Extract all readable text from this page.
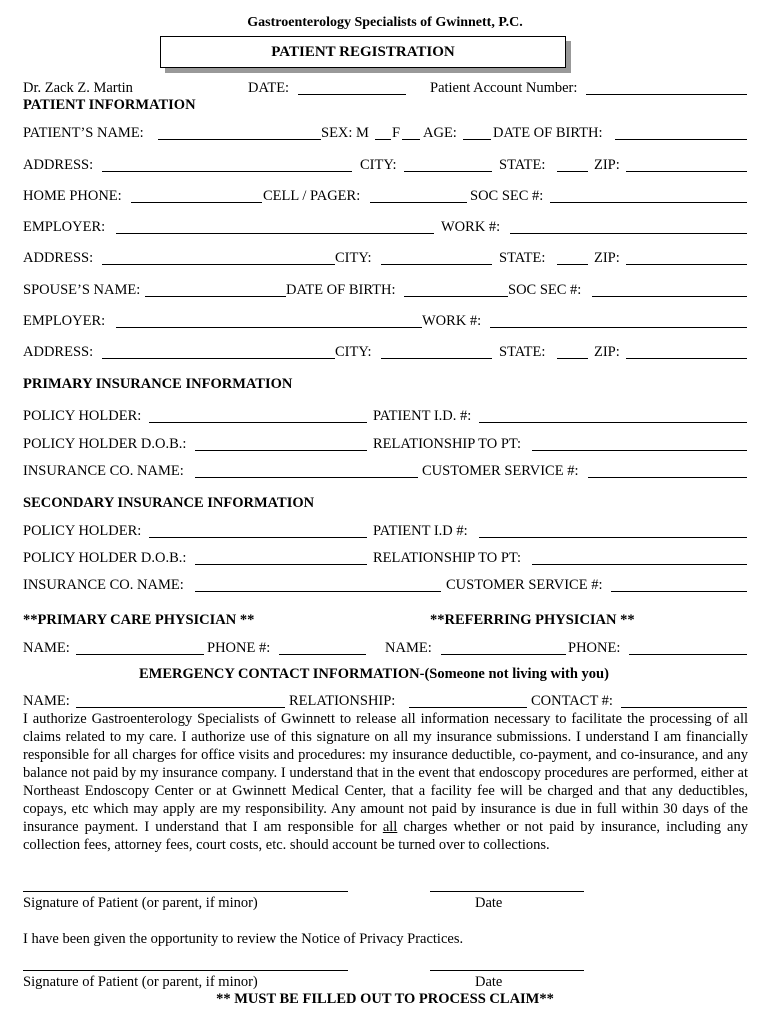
Gastroenterology Specialists of Gwinnett, P.C.
PATIENT REGISTRATION
Dr. Zack Z. Martin	DATE:	Patient Account Number:
PATIENT INFORMATION
PATIENT’S NAME:	SEX: M F AGE: DATE OF BIRTH:
ADDRESS:	CITY:	STATE:	ZIP:
HOME PHONE:	CELL / PAGER:	SOC SEC #:
EMPLOYER:	WORK #:
ADDRESS:	CITY:	STATE:	ZIP:
SPOUSE’S NAME:	DATE OF BIRTH:	SOC SEC #:
EMPLOYER:	WORK #:
ADDRESS:	CITY:	STATE:	ZIP:
PRIMARY INSURANCE INFORMATION
POLICY HOLDER:	PATIENT I.D. #:
POLICY HOLDER D.O.B.:	RELATIONSHIP TO PT:
INSURANCE CO. NAME:	CUSTOMER SERVICE #:
SECONDARY INSURANCE INFORMATION
POLICY HOLDER:	PATIENT I.D #:
POLICY HOLDER D.O.B.:	RELATIONSHIP TO PT:
INSURANCE CO. NAME:	CUSTOMER SERVICE #:
**PRIMARY CARE PHYSICIAN **	**REFERRING PHYSICIAN **
NAME:	PHONE #:	NAME:	PHONE:
EMERGENCY CONTACT INFORMATION-(Someone not living with you)
NAME:	RELATIONSHIP:	CONTACT #:
I authorize Gastroenterology Specialists of Gwinnett to release all information necessary to facilitate the processing of all claims related to my care. I authorize use of this signature on all my insurance submissions. I understand I am financially responsible for all charges for office visits and procedures: my insurance deductible, co-payment, and co-insurance, and any balance not paid by my insurance company. I understand that in the event that endoscopy procedures are performed, either at Northeast Endoscopy Center or at Gwinnett Medical Center, that a facility fee will be charged and that any deductibles, copays, etc which may apply are my responsibility. Any amount not paid by insurance is due in full within 30 days of the insurance payment. I understand that I am responsible for all charges whether or not paid by insurance, including any collection fees, attorney fees, court costs, etc. should account be turned over to collections.
Signature of Patient (or parent, if minor)	Date
I have been given the opportunity to review the Notice of Privacy Practices.
Signature of Patient (or parent, if minor)	Date
** MUST BE FILLED OUT TO PROCESS CLAIM**
